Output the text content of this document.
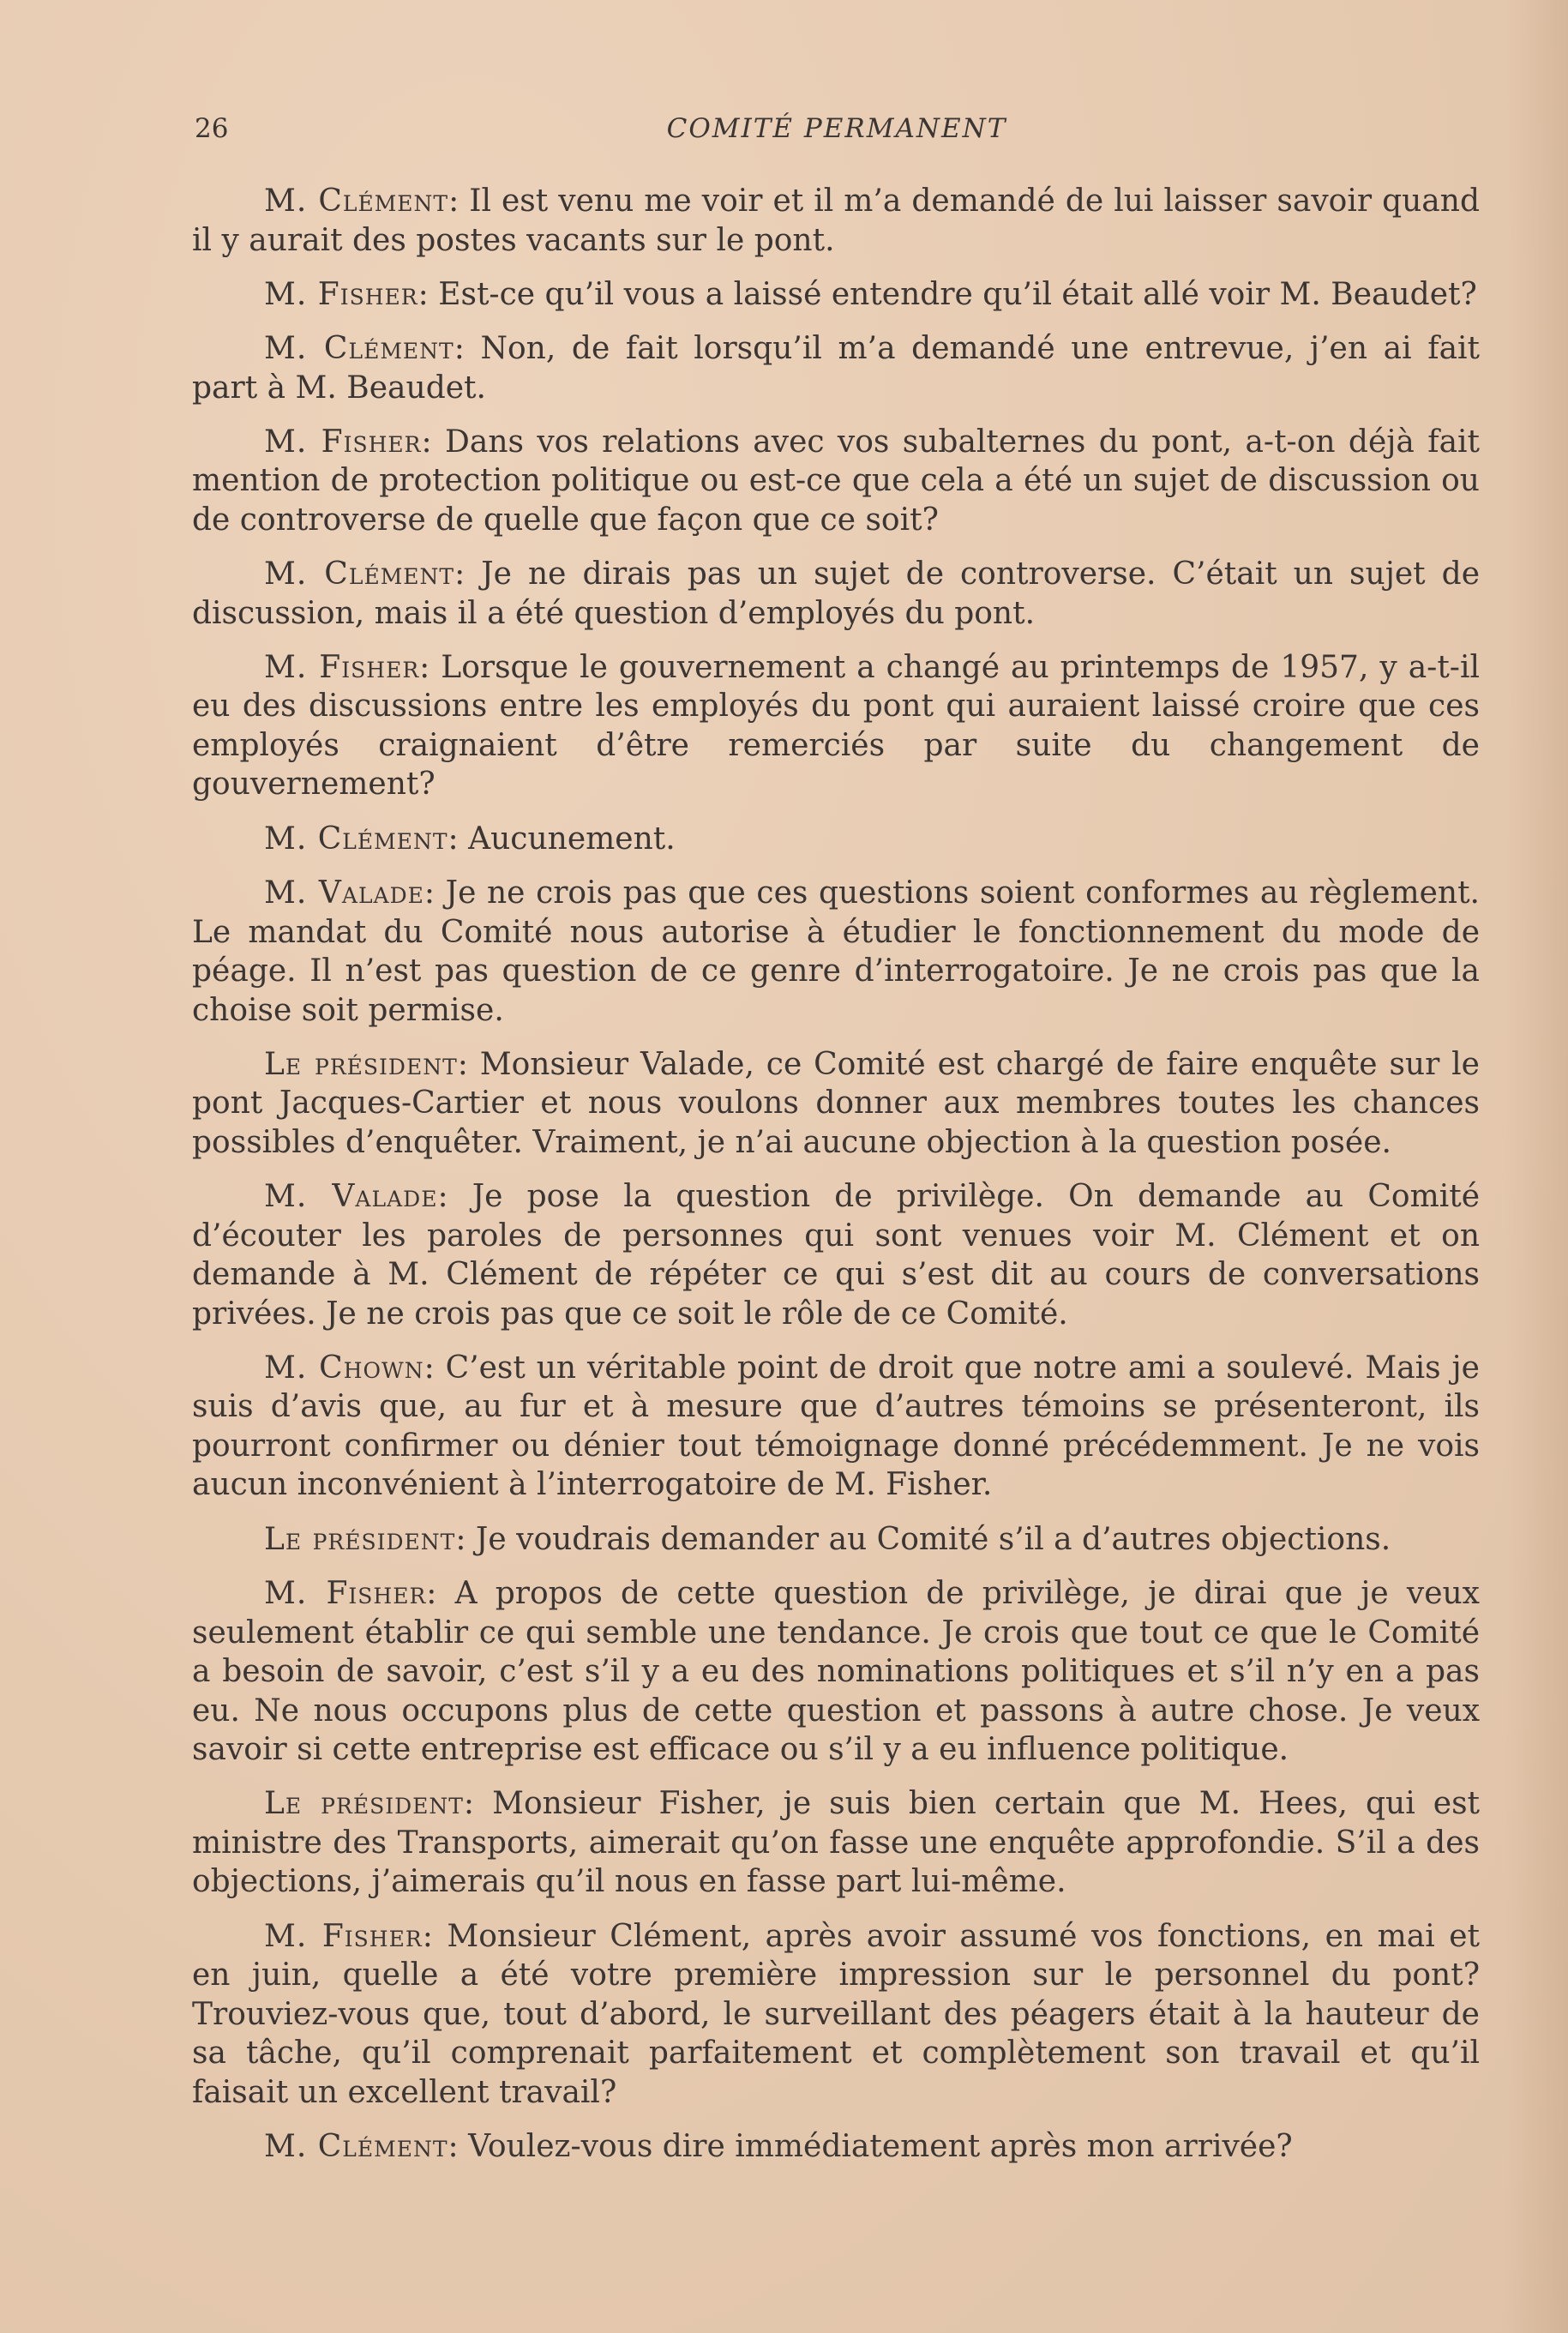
26	COMITÉ PERMANENT

M. Clément: Il est venu me voir et il m’a demandé de lui laisser savoir quand il y aurait des postes vacants sur le pont.

M. Fisher: Est-ce qu’il vous a laissé entendre qu’il était allé voir M. Beaudet?

M. Clément: Non, de fait lorsqu’il m’a demandé une entrevue, j’en ai fait part à M. Beaudet.

M. Fisher: Dans vos relations avec vos subalternes du pont, a-t-on déjà fait mention de protection politique ou est-ce que cela a été un sujet de discussion ou de controverse de quelle que façon que ce soit?

M. Clément: Je ne dirais pas un sujet de controverse. C’était un sujet de discussion, mais il a été question d’employés du pont.

M. Fisher: Lorsque le gouvernement a changé au printemps de 1957, y a-t-il eu des discussions entre les employés du pont qui auraient laissé croire que ces employés craignaient d’être remerciés par suite du changement de gouvernement?

M. Clément: Aucunement.

M. Valade: Je ne crois pas que ces questions soient conformes au règlement. Le mandat du Comité nous autorise à étudier le fonctionnement du mode de péage. Il n’est pas question de ce genre d’interrogatoire. Je ne crois pas que la choise soit permise.

Le président: Monsieur Valade, ce Comité est chargé de faire enquête sur le pont Jacques-Cartier et nous voulons donner aux membres toutes les chances possibles d’enquêter. Vraiment, je n’ai aucune objection à la question posée.

M. Valade: Je pose la question de privilège. On demande au Comité d’écouter les paroles de personnes qui sont venues voir M. Clément et on demande à M. Clément de répéter ce qui s’est dit au cours de conversations privées. Je ne crois pas que ce soit le rôle de ce Comité.

M. Chown: C’est un véritable point de droit que notre ami a soulevé. Mais je suis d’avis que, au fur et à mesure que d’autres témoins se présenteront, ils pourront confirmer ou dénier tout témoignage donné précédemment. Je ne vois aucun inconvénient à l’interrogatoire de M. Fisher.

Le président: Je voudrais demander au Comité s’il a d’autres objections.

M. Fisher: A propos de cette question de privilège, je dirai que je veux seulement établir ce qui semble une tendance. Je crois que tout ce que le Comité a besoin de savoir, c’est s’il y a eu des nominations politiques et s’il n’y en a pas eu. Ne nous occupons plus de cette question et passons à autre chose. Je veux savoir si cette entreprise est efficace ou s’il y a eu influence politique.

Le président: Monsieur Fisher, je suis bien certain que M. Hees, qui est ministre des Transports, aimerait qu’on fasse une enquête approfondie. S’il a des objections, j’aimerais qu’il nous en fasse part lui-même.

M. Fisher: Monsieur Clément, après avoir assumé vos fonctions, en mai et en juin, quelle a été votre première impression sur le personnel du pont? Trouviez-vous que, tout d’abord, le surveillant des péagers était à la hauteur de sa tâche, qu’il comprenait parfaitement et complètement son travail et qu’il faisait un excellent travail?

M. Clément: Voulez-vous dire immédiatement après mon arrivée?
